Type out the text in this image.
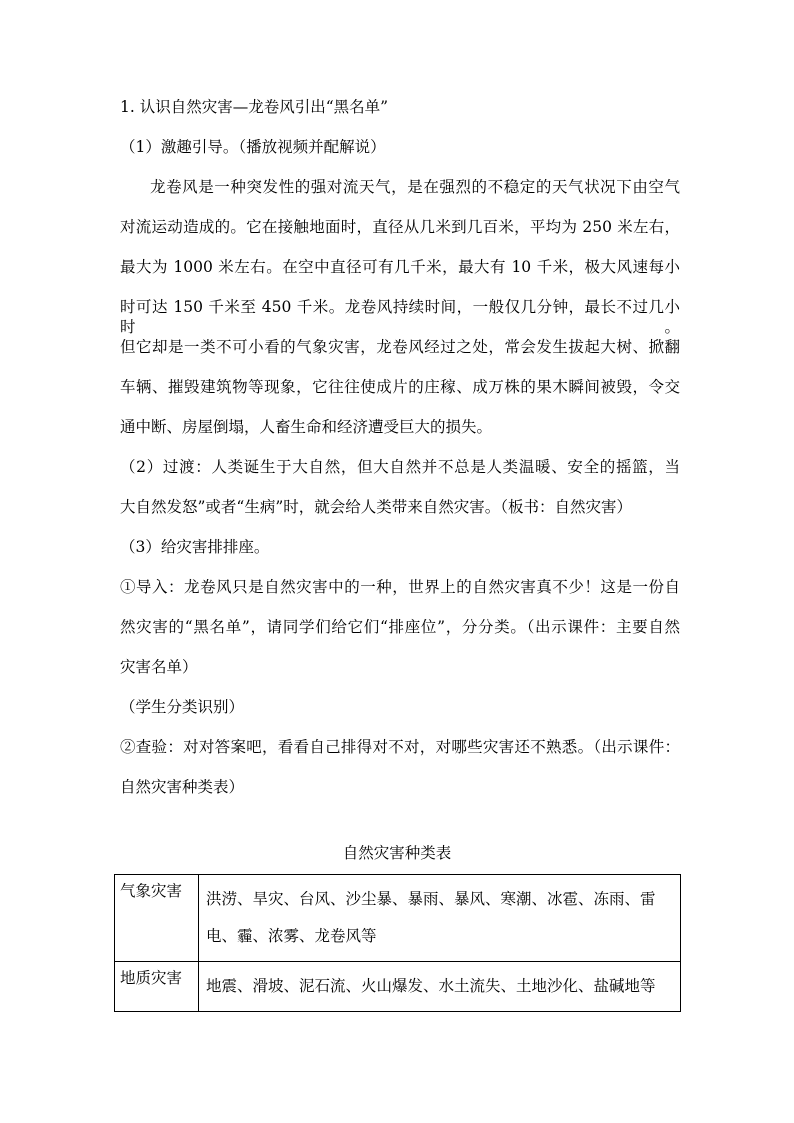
1. 认识自然灾害—龙卷风引出“黑名单”
（1）激趣引导。（播放视频并配解说）
龙卷风是一种突发性的强对流天气，是在强烈的不稳定的天气状况下由空气
对流运动造成的。它在接触地面时，直径从几米到几百米，平均为 250 米左右，
最大为 1000 米左右。在空中直径可有几千米，最大有 10 千米，极大风速每小
时可达 150 千米至 450 千米。龙卷风持续时间，一般仅几分钟，最长不过几小时。
但它却是一类不可小看的气象灾害，龙卷风经过之处，常会发生拔起大树、掀翻
车辆、摧毁建筑物等现象，它往往使成片的庄稼、成万株的果木瞬间被毁，令交
通中断、房屋倒塌，人畜生命和经济遭受巨大的损失。
（2）过渡：人类诞生于大自然，但大自然并不总是人类温暖、安全的摇篮，当
大自然发怒”或者“生病”时，就会给人类带来自然灾害。（板书：自然灾害）
（3）给灾害排排座。
①导入：龙卷风只是自然灾害中的一种，世界上的自然灾害真不少！这是一份自
然灾害的“黑名单”，请同学们给它们“排座位”，分分类。（出示课件：主要自然
灾害名单）
（学生分类识别）
②查验：对对答案吧，看看自己排得对不对，对哪些灾害还不熟悉。（出示课件：
自然灾害种类表）
自然灾害种类表
气象灾害	洪涝、旱灾、台风、沙尘暴、暴雨、暴风、寒潮、冰雹、冻雨、雷
电、霾、浓雾、龙卷风等

地质灾害	地震、滑坡、泥石流、火山爆发、水土流失、土地沙化、盐碱地等
